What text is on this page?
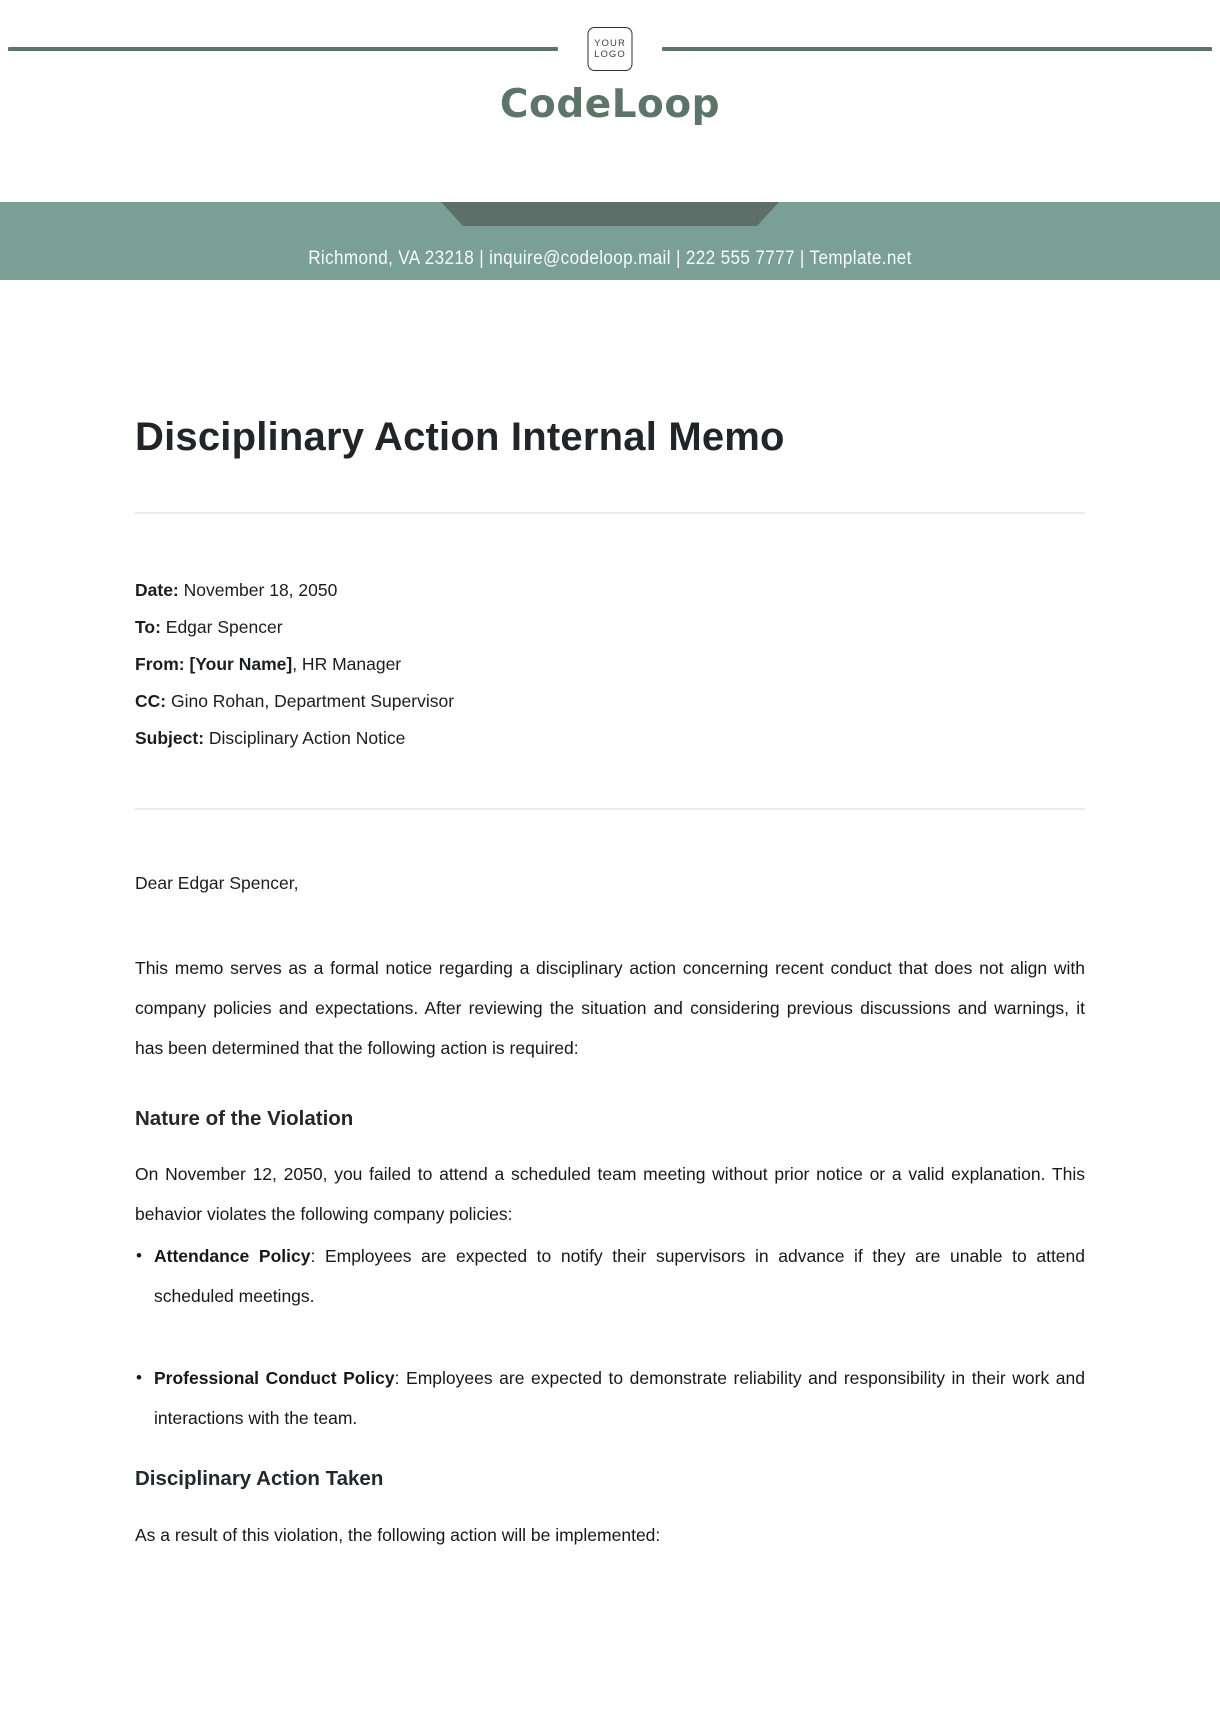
YOUR
LOGO
CodeLoop
Richmond, VA 23218 | inquire@codeloop.mail | 222 555 7777 | Template.net
Disciplinary Action Internal Memo

Date: November 18, 2050

To: Edgar Spencer

From: [Your Name], HR Manager

CC: Gino Rohan, Department Supervisor

Subject: Disciplinary Action Notice

Dear Edgar Spencer,

This memo serves as a formal notice regarding a disciplinary action concerning recent conduct that does not align with company policies and expectations. After reviewing the situation and considering previous discussions and warnings, it has been determined that the following action is required:

Nature of the Violation

On November 12, 2050, you failed to attend a scheduled team meeting without prior notice or a valid explanation. This behavior violates the following company policies:

• Attendance Policy: Employees are expected to notify their supervisors in advance if they are unable to attend scheduled meetings.
• Professional Conduct Policy: Employees are expected to demonstrate reliability and responsibility in their work and interactions with the team.
Disciplinary Action Taken

As a result of this violation, the following action will be implemented:
